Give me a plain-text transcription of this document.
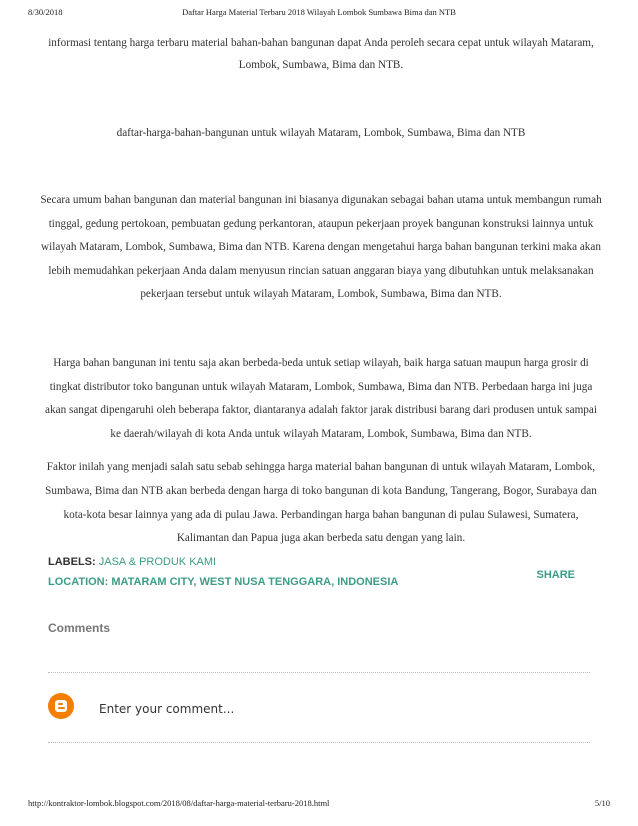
8/30/2018	Daftar Harga Material Terbaru 2018 Wilayah Lombok Sumbawa Bima dan NTB

informasi tentang harga terbaru material bahan-bahan bangunan dapat Anda peroleh secara cepat untuk wilayah Mataram, Lombok, Sumbawa, Bima dan NTB.

daftar-harga-bahan-bangunan untuk wilayah Mataram, Lombok, Sumbawa, Bima dan NTB

Secara umum bahan bangunan dan material bangunan ini biasanya digunakan sebagai bahan utama untuk membangun rumah tinggal, gedung pertokoan, pembuatan gedung perkantoran, ataupun pekerjaan proyek bangunan konstruksi lainnya untuk wilayah Mataram, Lombok, Sumbawa, Bima dan NTB. Karena dengan mengetahui harga bahan bangunan terkini maka akan lebih memudahkan pekerjaan Anda dalam menyusun rincian satuan anggaran biaya yang dibutuhkan untuk melaksanakan pekerjaan tersebut untuk wilayah Mataram, Lombok, Sumbawa, Bima dan NTB.

Harga bahan bangunan ini tentu saja akan berbeda-beda untuk setiap wilayah, baik harga satuan maupun harga grosir di tingkat distributor toko bangunan untuk wilayah Mataram, Lombok, Sumbawa, Bima dan NTB. Perbedaan harga ini juga akan sangat dipengaruhi oleh beberapa faktor, diantaranya adalah faktor jarak distribusi barang dari produsen untuk sampai ke daerah/wilayah di kota Anda untuk wilayah Mataram, Lombok, Sumbawa, Bima dan NTB.

Faktor inilah yang menjadi salah satu sebab sehingga harga material bahan bangunan di untuk wilayah Mataram, Lombok, Sumbawa, Bima dan NTB akan berbeda dengan harga di toko bangunan di kota Bandung, Tangerang, Bogor, Surabaya dan kota-kota besar lainnya yang ada di pulau Jawa. Perbandingan harga bahan bangunan di pulau Sulawesi, Sumatera, Kalimantan dan Papua juga akan berbeda satu dengan yang lain.

LABELS: JASA & PRODUK KAMI
LOCATION: MATARAM CITY, WEST NUSA TENGGARA, INDONESIA
SHARE
Comments
Enter your comment...
http://kontraktor-lombok.blogspot.com/2018/08/daftar-harga-material-terbaru-2018.html	5/10
